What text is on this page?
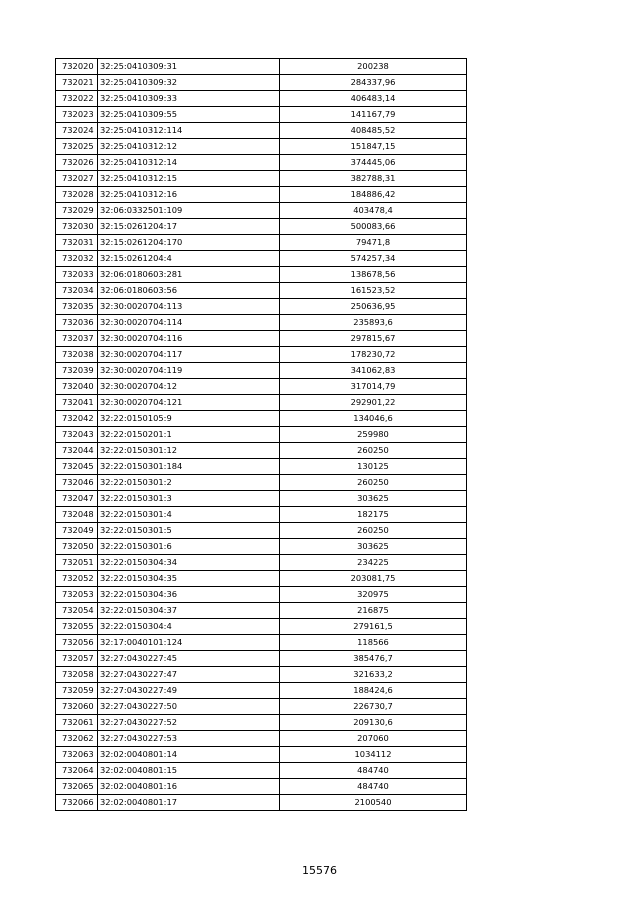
732020	32:25:0410309:31	200238
732021	32:25:0410309:32	284337,96
732022	32:25:0410309:33	406483,14
732023	32:25:0410309:55	141167,79
732024	32:25:0410312:114	408485,52
732025	32:25:0410312:12	151847,15
732026	32:25:0410312:14	374445,06
732027	32:25:0410312:15	382788,31
732028	32:25:0410312:16	184886,42
732029	32:06:0332501:109	403478,4
732030	32:15:0261204:17	500083,66
732031	32:15:0261204:170	79471,8
732032	32:15:0261204:4	574257,34
732033	32:06:0180603:281	138678,56
732034	32:06:0180603:56	161523,52
732035	32:30:0020704:113	250636,95
732036	32:30:0020704:114	235893,6
732037	32:30:0020704:116	297815,67
732038	32:30:0020704:117	178230,72
732039	32:30:0020704:119	341062,83
732040	32:30:0020704:12	317014,79
732041	32:30:0020704:121	292901,22
732042	32:22:0150105:9	134046,6
732043	32:22:0150201:1	259980
732044	32:22:0150301:12	260250
732045	32:22:0150301:184	130125
732046	32:22:0150301:2	260250
732047	32:22:0150301:3	303625
732048	32:22:0150301:4	182175
732049	32:22:0150301:5	260250
732050	32:22:0150301:6	303625
732051	32:22:0150304:34	234225
732052	32:22:0150304:35	203081,75
732053	32:22:0150304:36	320975
732054	32:22:0150304:37	216875
732055	32:22:0150304:4	279161,5
732056	32:17:0040101:124	118566
732057	32:27:0430227:45	385476,7
732058	32:27:0430227:47	321633,2
732059	32:27:0430227:49	188424,6
732060	32:27:0430227:50	226730,7
732061	32:27:0430227:52	209130,6
732062	32:27:0430227:53	207060
732063	32:02:0040801:14	1034112
732064	32:02:0040801:15	484740
732065	32:02:0040801:16	484740
732066	32:02:0040801:17	2100540
15576
